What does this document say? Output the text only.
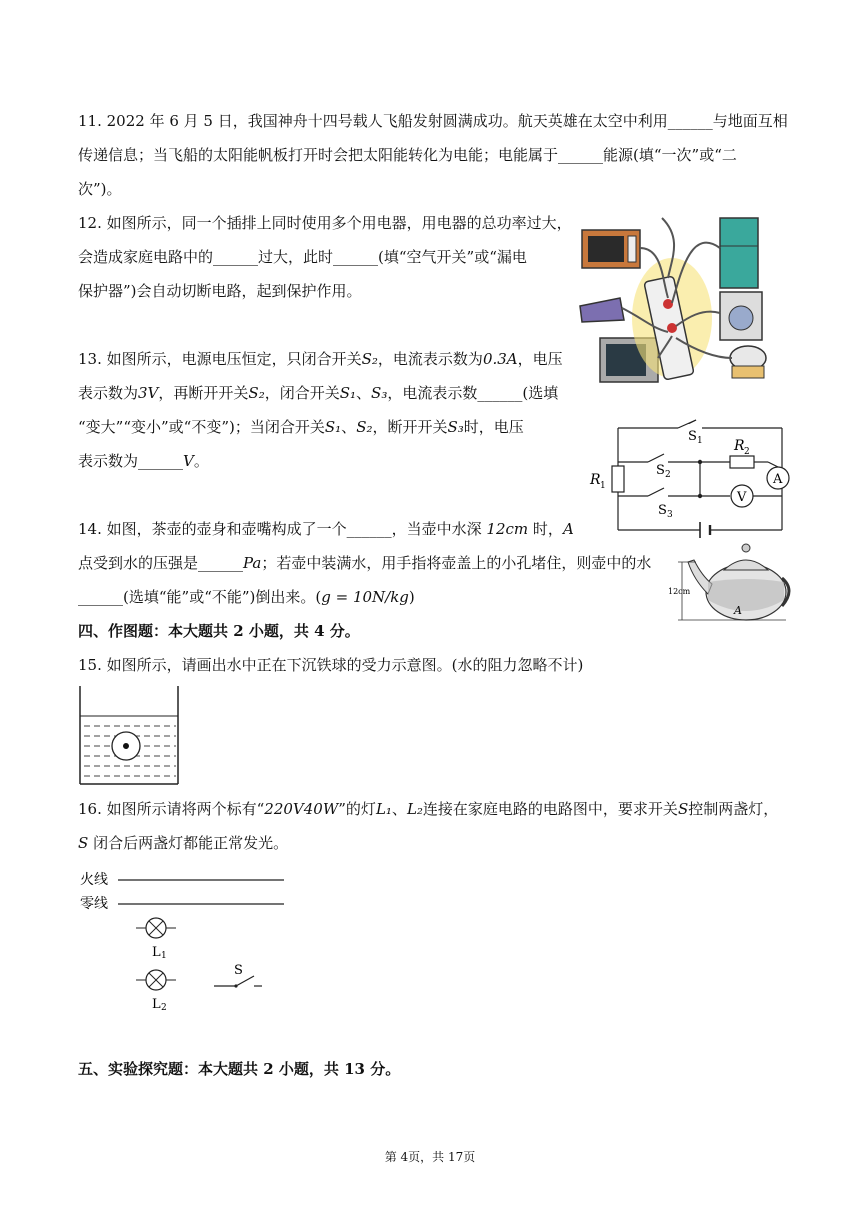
11. 2022 年 6 月 5 日，我国神舟十四号载人飞船发射圆满成功。航天英雄在太空中利用______与地面互相
传递信息；当飞船的太阳能帆板打开时会把太阳能转化为电能；电能属于______能源(填“一次”或“二
次”)。
12. 如图所示，同一个插排上同时使用多个用电器，用电器的总功率过大，
会造成家庭电路中的______过大，此时______(填“空气开关”或“漏电
保护器”)会自动切断电路，起到保护作用。
13. 如图所示，电源电压恒定，只闭合开关S₂，电流表示数为0.3A，电压
表示数为3V，再断开开关S₂，闭合开关S₁、S₃，电流表示数______(选填
“变大”“变小”或“不变”)；当闭合开关S₁、S₂，断开开关S₃时，电压
表示数为______V。
S 1
S 2
S 3
R 1
R 2
A
V
14. 如图，茶壶的壶身和壶嘴构成了一个______，当壶中水深 12cm 时，A
点受到水的压强是______Pa；若壶中装满水，用手指将壶盖上的小孔堵住，则壶中的水
______(选填“能”或“不能”)倒出来。(g = 10N/kg)	12cm
A
四、作图题：本大题共 2 小题，共 4 分。
15. 如图所示，请画出水中正在下沉铁球的受力示意图。(水的阻力忽略不计)
16. 如图所示请将两个标有“220V40W”的灯L₁、L₂连接在家庭电路的电路图中，要求开关S控制两盏灯，
S 闭合后两盏灯都能正常发光。
火线
零线
L 1
L 2
S
五、实验探究题：本大题共 2 小题，共 13 分。
第 4页，共 17页
